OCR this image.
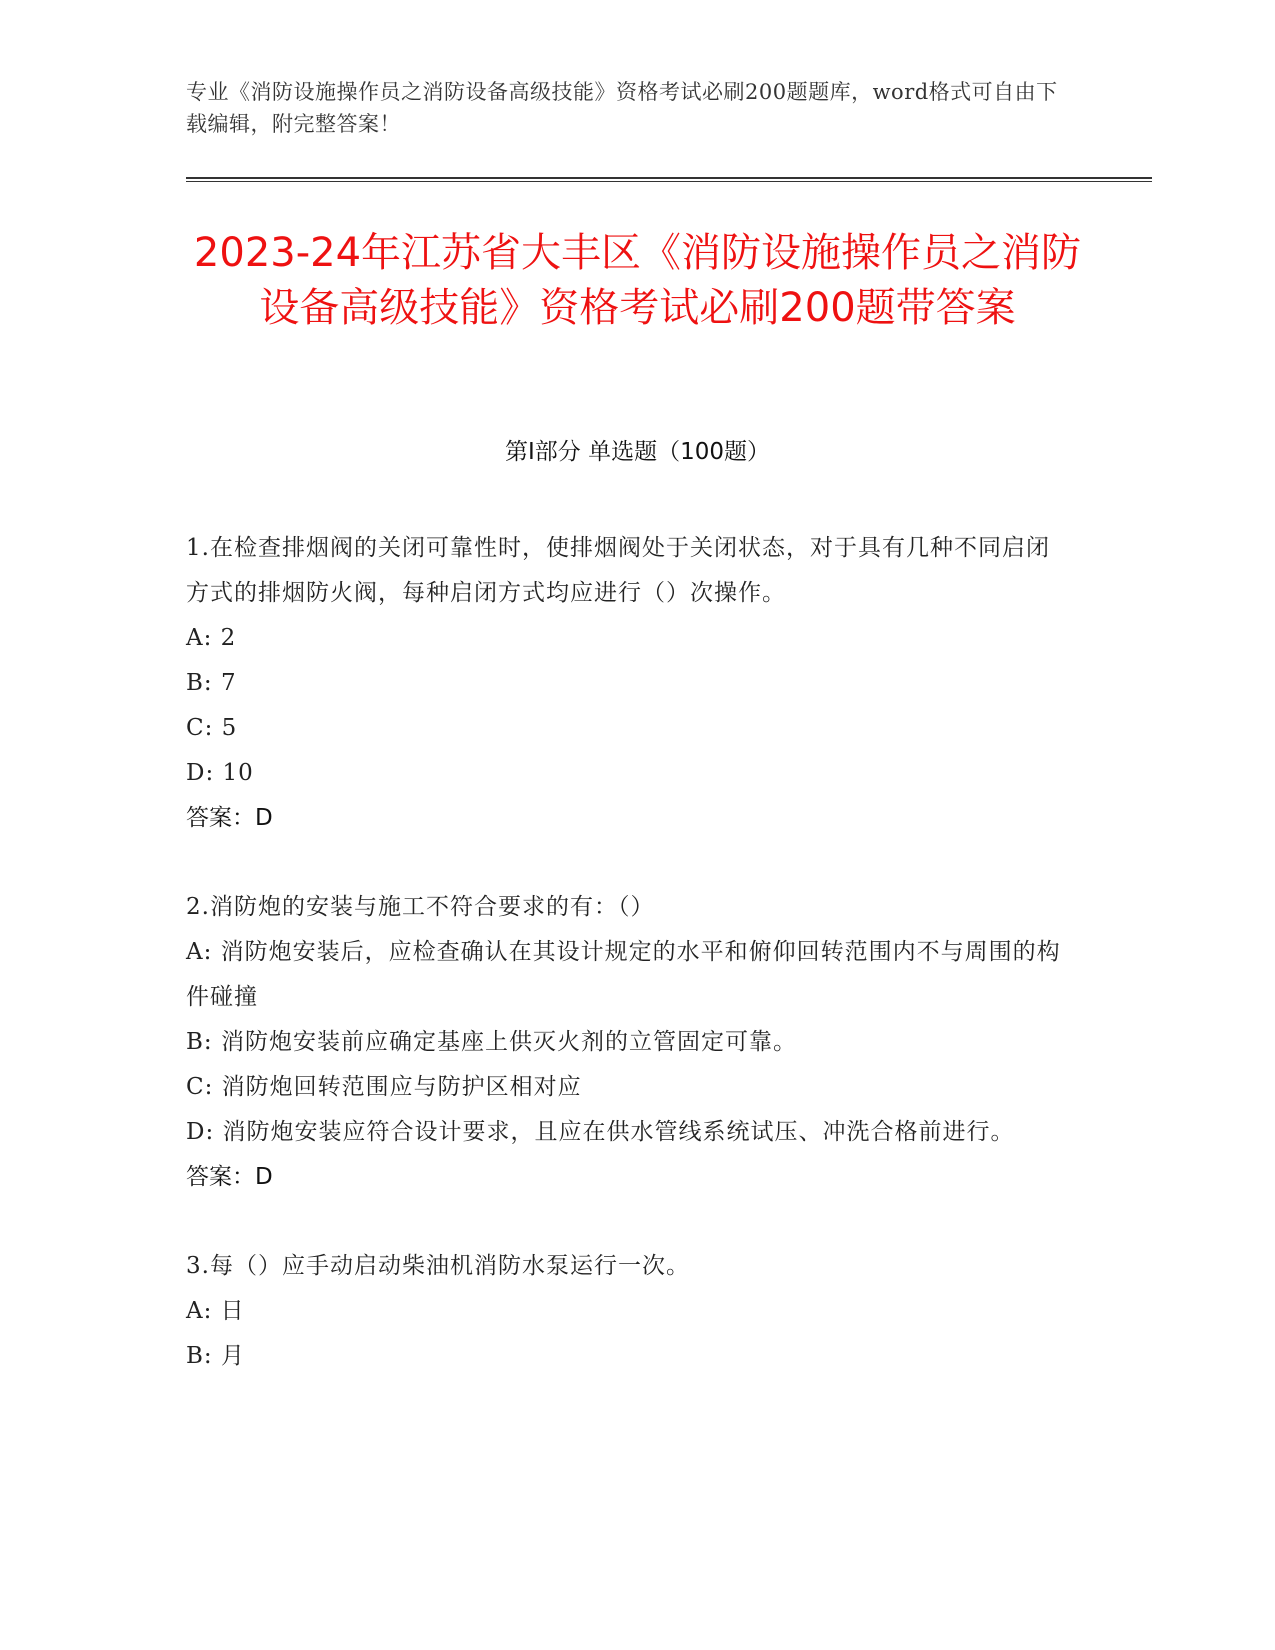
专业《消防设施操作员之消防设备高级技能》资格考试必刷200题题库，word格式可自由下载编辑，附完整答案！
2023-24年江苏省大丰区《消防设施操作员之消防设备高级技能》资格考试必刷200题带答案
第I部分 单选题（100题）
1.在检查排烟阀的关闭可靠性时，使排烟阀处于关闭状态，对于具有几种不同启闭方式的排烟防火阀，每种启闭方式均应进行（）次操作。
A: 2
B: 7
C: 5
D: 10
答案：D
2.消防炮的安装与施工不符合要求的有：（）
A: 消防炮安装后，应检查确认在其设计规定的水平和俯仰回转范围内不与周围的构件碰撞
B: 消防炮安装前应确定基座上供灭火剂的立管固定可靠。
C: 消防炮回转范围应与防护区相对应
D: 消防炮安装应符合设计要求，且应在供水管线系统试压、冲洗合格前进行。
答案：D
3.每（）应手动启动柴油机消防水泵运行一次。
A: 日
B: 月
